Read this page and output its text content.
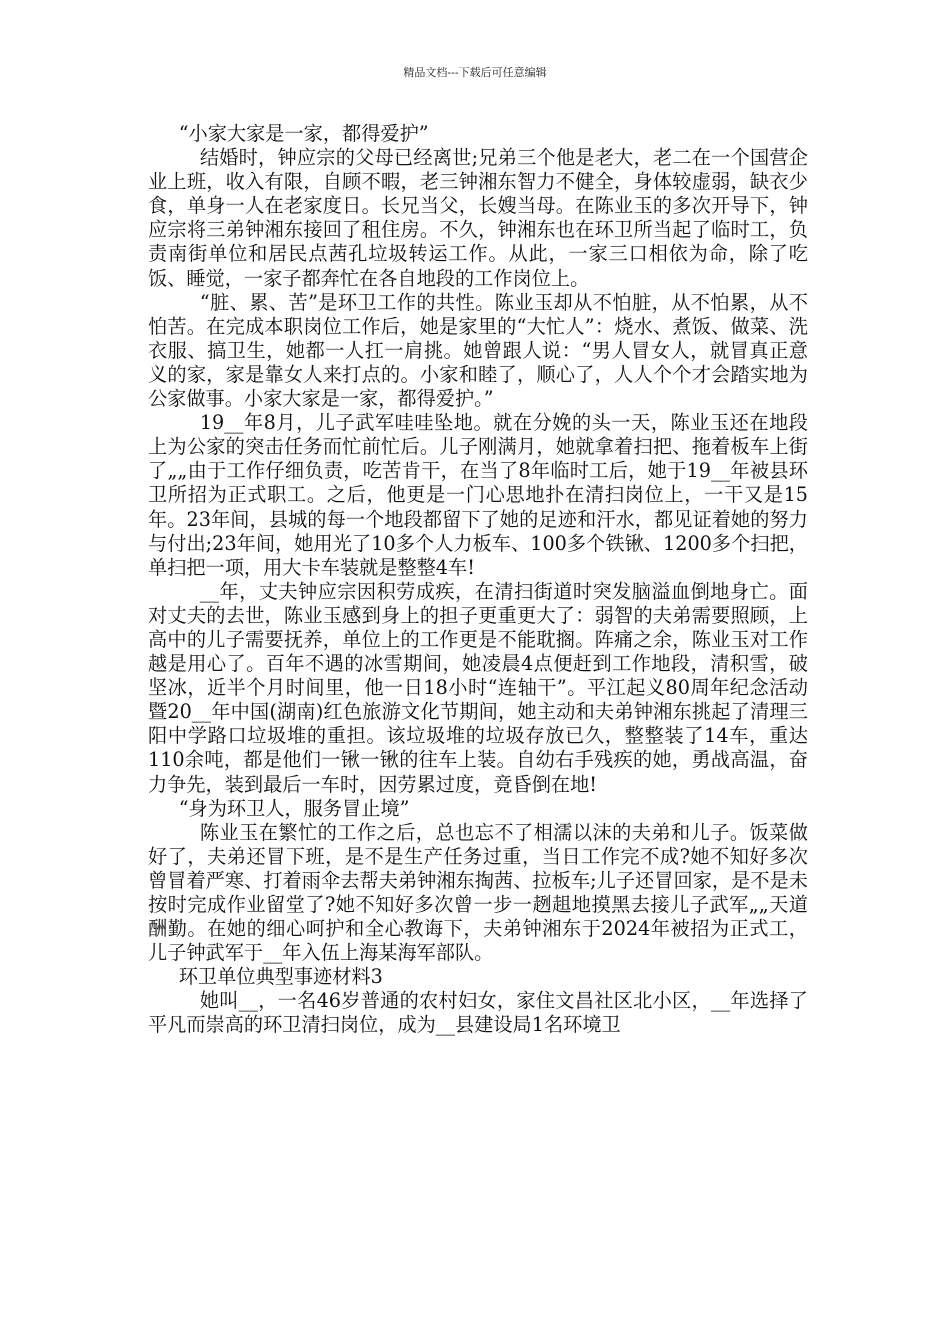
精品文档---下载后可任意编辑

“小家大家是一家，都得爱护”

结婚时，钟应宗的父母已经离世;兄弟三个他是老大，老二在一个国营企业上班，收入有限，自顾不暇，老三钟湘东智力不健全，身体较虚弱，缺衣少食，单身一人在老家度日。长兄当父，长嫂当母。在陈业玉的多次开导下，钟应宗将三弟钟湘东接回了租住房。不久，钟湘东也在环卫所当起了临时工，负责南街单位和居民点茜孔垃圾转运工作。从此，一家三口相依为命，除了吃饭、睡觉，一家子都奔忙在各自地段的工作岗位上。

“脏、累、苦”是环卫工作的共性。陈业玉却从不怕脏，从不怕累，从不怕苦。在完成本职岗位工作后，她是家里的“大忙人”：烧水、煮饭、做菜、洗衣服、搞卫生，她都一人扛一肩挑。她曾跟人说：“男人冒女人，就冒真正意义的家，家是靠女人来打点的。小家和睦了，顺心了，人人个个才会踏实地为公家做事。小家大家是一家，都得爱护。”

19__年8月，儿子武军哇哇坠地。就在分娩的头一天，陈业玉还在地段上为公家的突击任务而忙前忙后。儿子刚满月，她就拿着扫把、拖着板车上街了„„由于工作仔细负责，吃苦肯干，在当了8年临时工后，她于19__年被县环卫所招为正式职工。之后，他更是一门心思地扑在清扫岗位上，一干又是15年。23年间，县城的每一个地段都留下了她的足迹和汗水，都见证着她的努力与付出;23年间，她用光了10多个人力板车、100多个铁锹、1200多个扫把，单扫把一项，用大卡车装就是整整4车!

__年，丈夫钟应宗因积劳成疾，在清扫街道时突发脑溢血倒地身亡。面对丈夫的去世，陈业玉感到身上的担子更重更大了：弱智的夫弟需要照顾，上高中的儿子需要抚养，单位上的工作更是不能耽搁。阵痛之余，陈业玉对工作越是用心了。百年不遇的冰雪期间，她凌晨4点便赶到工作地段，清积雪，破坚冰，近半个月时间里，他一日18小时“连轴干”。平江起义80周年纪念活动暨20__年中国(湖南)红色旅游文化节期间，她主动和夫弟钟湘东挑起了清理三阳中学路口垃圾堆的重担。该垃圾堆的垃圾存放已久，整整装了14车，重达110余吨，都是他们一锹一锹的往车上装。自幼右手残疾的她，勇战高温，奋力争先，装到最后一车时，因劳累过度，竟昏倒在地!

“身为环卫人，服务冒止境”

陈业玉在繁忙的工作之后，总也忘不了相濡以沫的夫弟和儿子。饭菜做好了，夫弟还冒下班，是不是生产任务过重，当日工作完不成?她不知好多次曾冒着严寒、打着雨伞去帮夫弟钟湘东掏茜、拉板车;儿子还冒回家，是不是未按时完成作业留堂了?她不知好多次曾一步一趔趄地摸黑去接儿子武军„„天道酬勤。在她的细心呵护和全心教诲下，夫弟钟湘东于2024年被招为正式工，儿子钟武军于__年入伍上海某海军部队。

环卫单位典型事迹材料3

她叫__，一名46岁普通的农村妇女，家住文昌社区北小区，__年选择了平凡而崇高的环卫清扫岗位，成为__县建设局1名环境卫
